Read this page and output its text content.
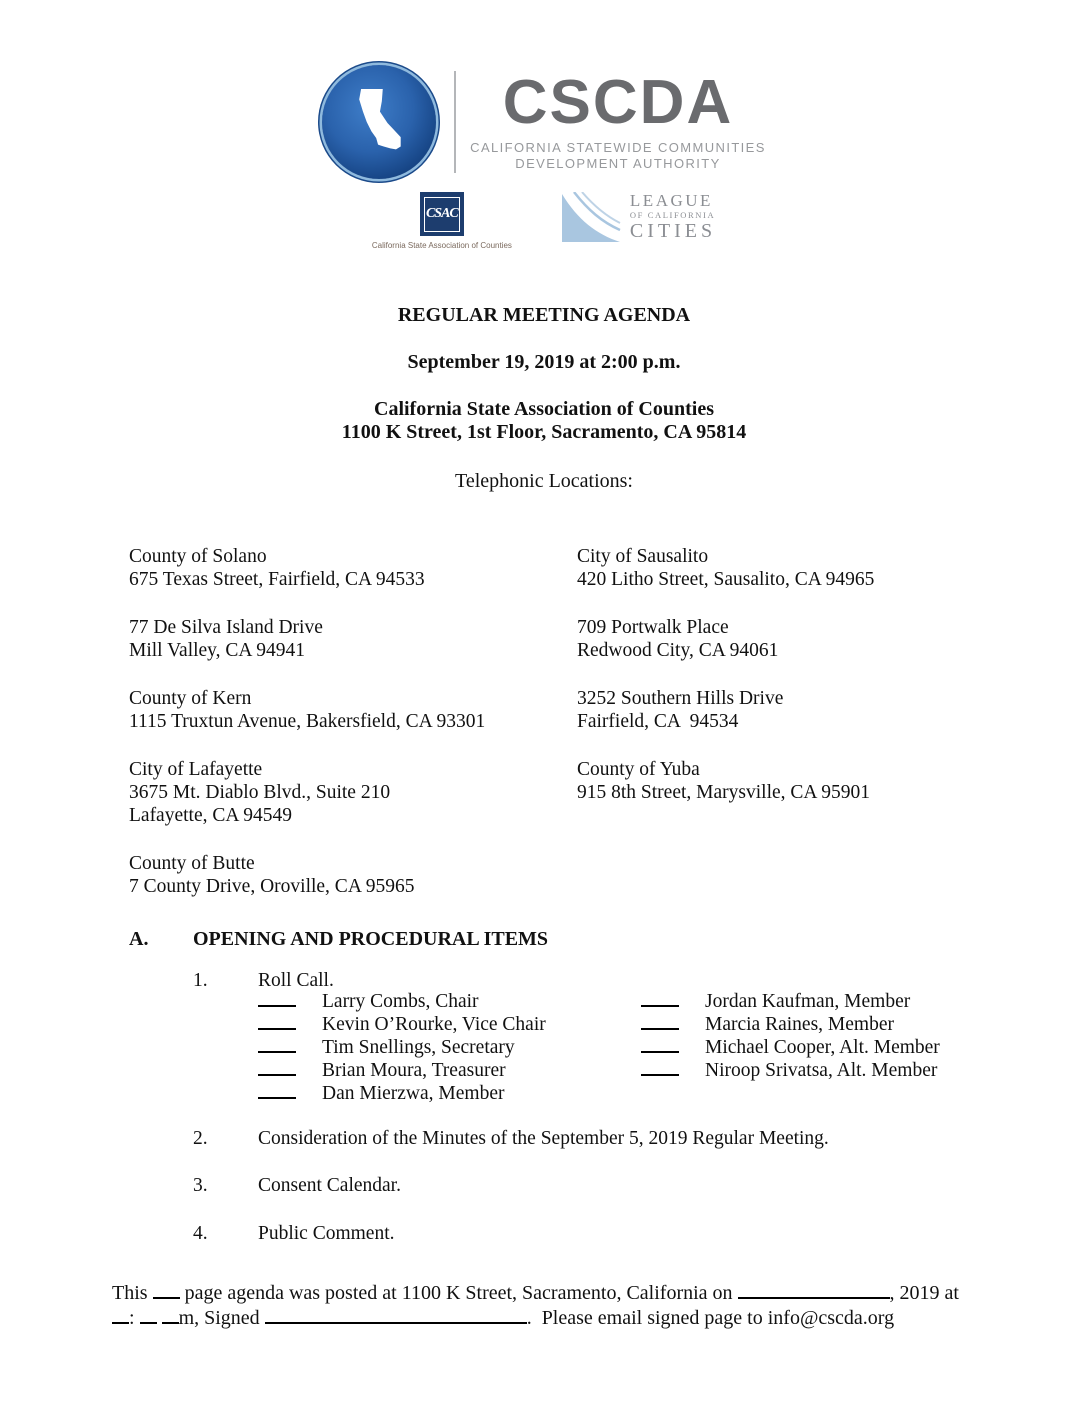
CSCDA
CALIFORNIA STATEWIDE COMMUNITIES
DEVELOPMENT AUTHORITY
CSAC
California State Association of Counties
LEAGUE
OF CALIFORNIA
CITIES
REGULAR MEETING AGENDA
September 19, 2019 at 2:00 p.m.
California State Association of Counties
1100 K Street, 1st Floor, Sacramento, CA 95814
Telephonic Locations:
County of Solano
675 Texas Street, Fairfield, CA 94533
77 De Silva Island Drive
Mill Valley, CA 94941
County of Kern
1115 Truxtun Avenue, Bakersfield, CA 93301
City of Lafayette
3675 Mt. Diablo Blvd., Suite 210
Lafayette, CA 94549
County of Butte
7 County Drive, Oroville, CA 95965
City of Sausalito
420 Litho Street, Sausalito, CA 94965
709 Portwalk Place
Redwood City, CA 94061
3252 Southern Hills Drive
Fairfield, CA  94534
County of Yuba
915 8th Street, Marysville, CA 95901
A. OPENING AND PROCEDURAL ITEMS
1.	Roll Call.
Larry Combs, Chair	Jordan Kaufman, Member
Kevin O’Rourke, Vice Chair	Marcia Raines, Member
Tim Snellings, Secretary	Michael Cooper, Alt. Member
Brian Moura, Treasurer	Niroop Srivatsa, Alt. Member
Dan Mierzwa, Member
2.	Consideration of the Minutes of the September 5, 2019 Regular Meeting.
3.	Consent Calendar.
4.	Public Comment.
This page agenda was posted at 1100 K Street, Sacramento, California on	, 2019 at
: m, Signed	. Please email signed page to info@cscda.org
